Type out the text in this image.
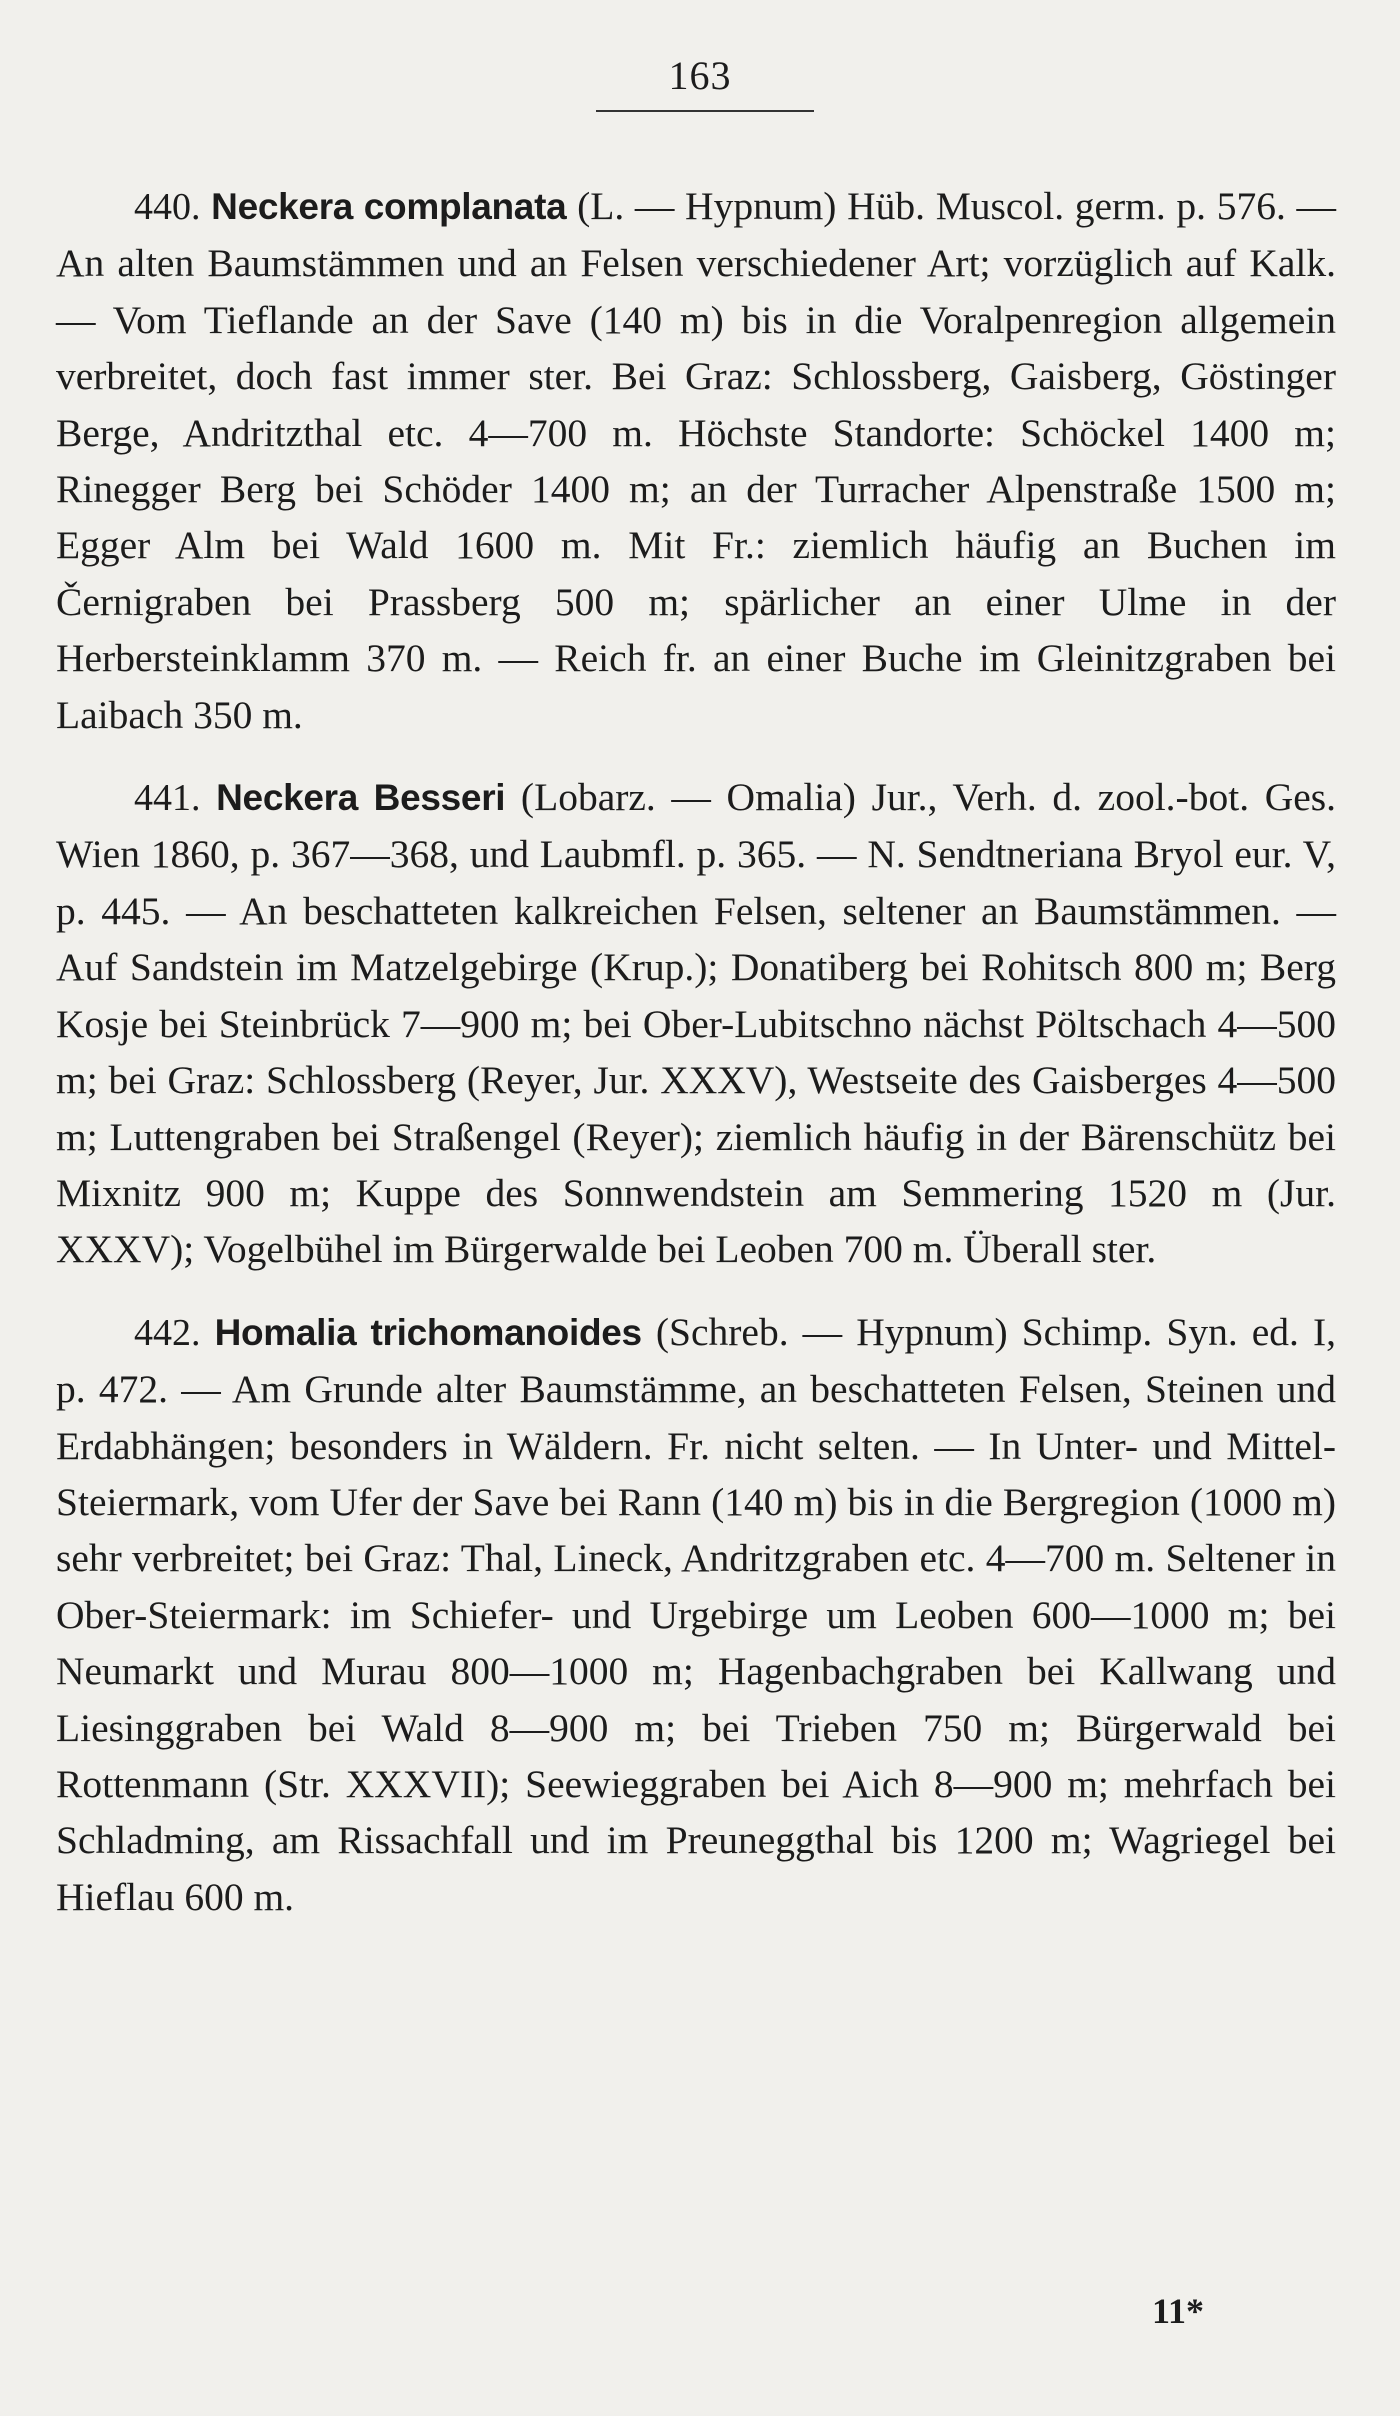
163

440. Neckera complanata (L. — Hypnum) Hüb. Muscol. germ. p. 576. — An alten Baumstämmen und an Felsen verschiedener Art; vorzüglich auf Kalk. — Vom Tieflande an der Save (140 m) bis in die Voralpenregion allgemein verbreitet, doch fast immer ster. Bei Graz: Schlossberg, Gaisberg, Göstinger Berge, Andritzthal etc. 4—700 m. Höchste Standorte: Schöckel 1400 m; Rinegger Berg bei Schöder 1400 m; an der Turracher Alpenstraße 1500 m; Egger Alm bei Wald 1600 m. Mit Fr.: ziemlich häufig an Buchen im Černigraben bei Prassberg 500 m; spärlicher an einer Ulme in der Herbersteinklamm 370 m. — Reich fr. an einer Buche im Gleinitzgraben bei Laibach 350 m.

441. Neckera Besseri (Lobarz. — Omalia) Jur., Verh. d. zool.-bot. Ges. Wien 1860, p. 367—368, und Laubmfl. p. 365. — N. Sendtneriana Bryol eur. V, p. 445. — An beschatteten kalkreichen Felsen, seltener an Baumstämmen. — Auf Sandstein im Matzelgebirge (Krup.); Donatiberg bei Rohitsch 800 m; Berg Kosje bei Steinbrück 7—900 m; bei Ober-Lubitschno nächst Pöltschach 4—500 m; bei Graz: Schlossberg (Reyer, Jur. XXXV), Westseite des Gaisberges 4—500 m; Luttengraben bei Straßengel (Reyer); ziemlich häufig in der Bärenschütz bei Mixnitz 900 m; Kuppe des Sonnwendstein am Semmering 1520 m (Jur. XXXV); Vogelbühel im Bürgerwalde bei Leoben 700 m. Überall ster.

442. Homalia trichomanoides (Schreb. — Hypnum) Schimp. Syn. ed. I, p. 472. — Am Grunde alter Baumstämme, an beschatteten Felsen, Steinen und Erdabhängen; besonders in Wäldern. Fr. nicht selten. — In Unter- und Mittel-Steiermark, vom Ufer der Save bei Rann (140 m) bis in die Bergregion (1000 m) sehr verbreitet; bei Graz: Thal, Lineck, Andritzgraben etc. 4—700 m. Seltener in Ober-Steiermark: im Schiefer- und Urgebirge um Leoben 600—1000 m; bei Neumarkt und Murau 800—1000 m; Hagenbachgraben bei Kallwang und Liesinggraben bei Wald 8—900 m; bei Trieben 750 m; Bürgerwald bei Rottenmann (Str. XXXVII); Seewieggraben bei Aich 8—900 m; mehrfach bei Schladming, am Rissachfall und im Preuneggthal bis 1200 m; Wagriegel bei Hieflau 600 m.

11*
